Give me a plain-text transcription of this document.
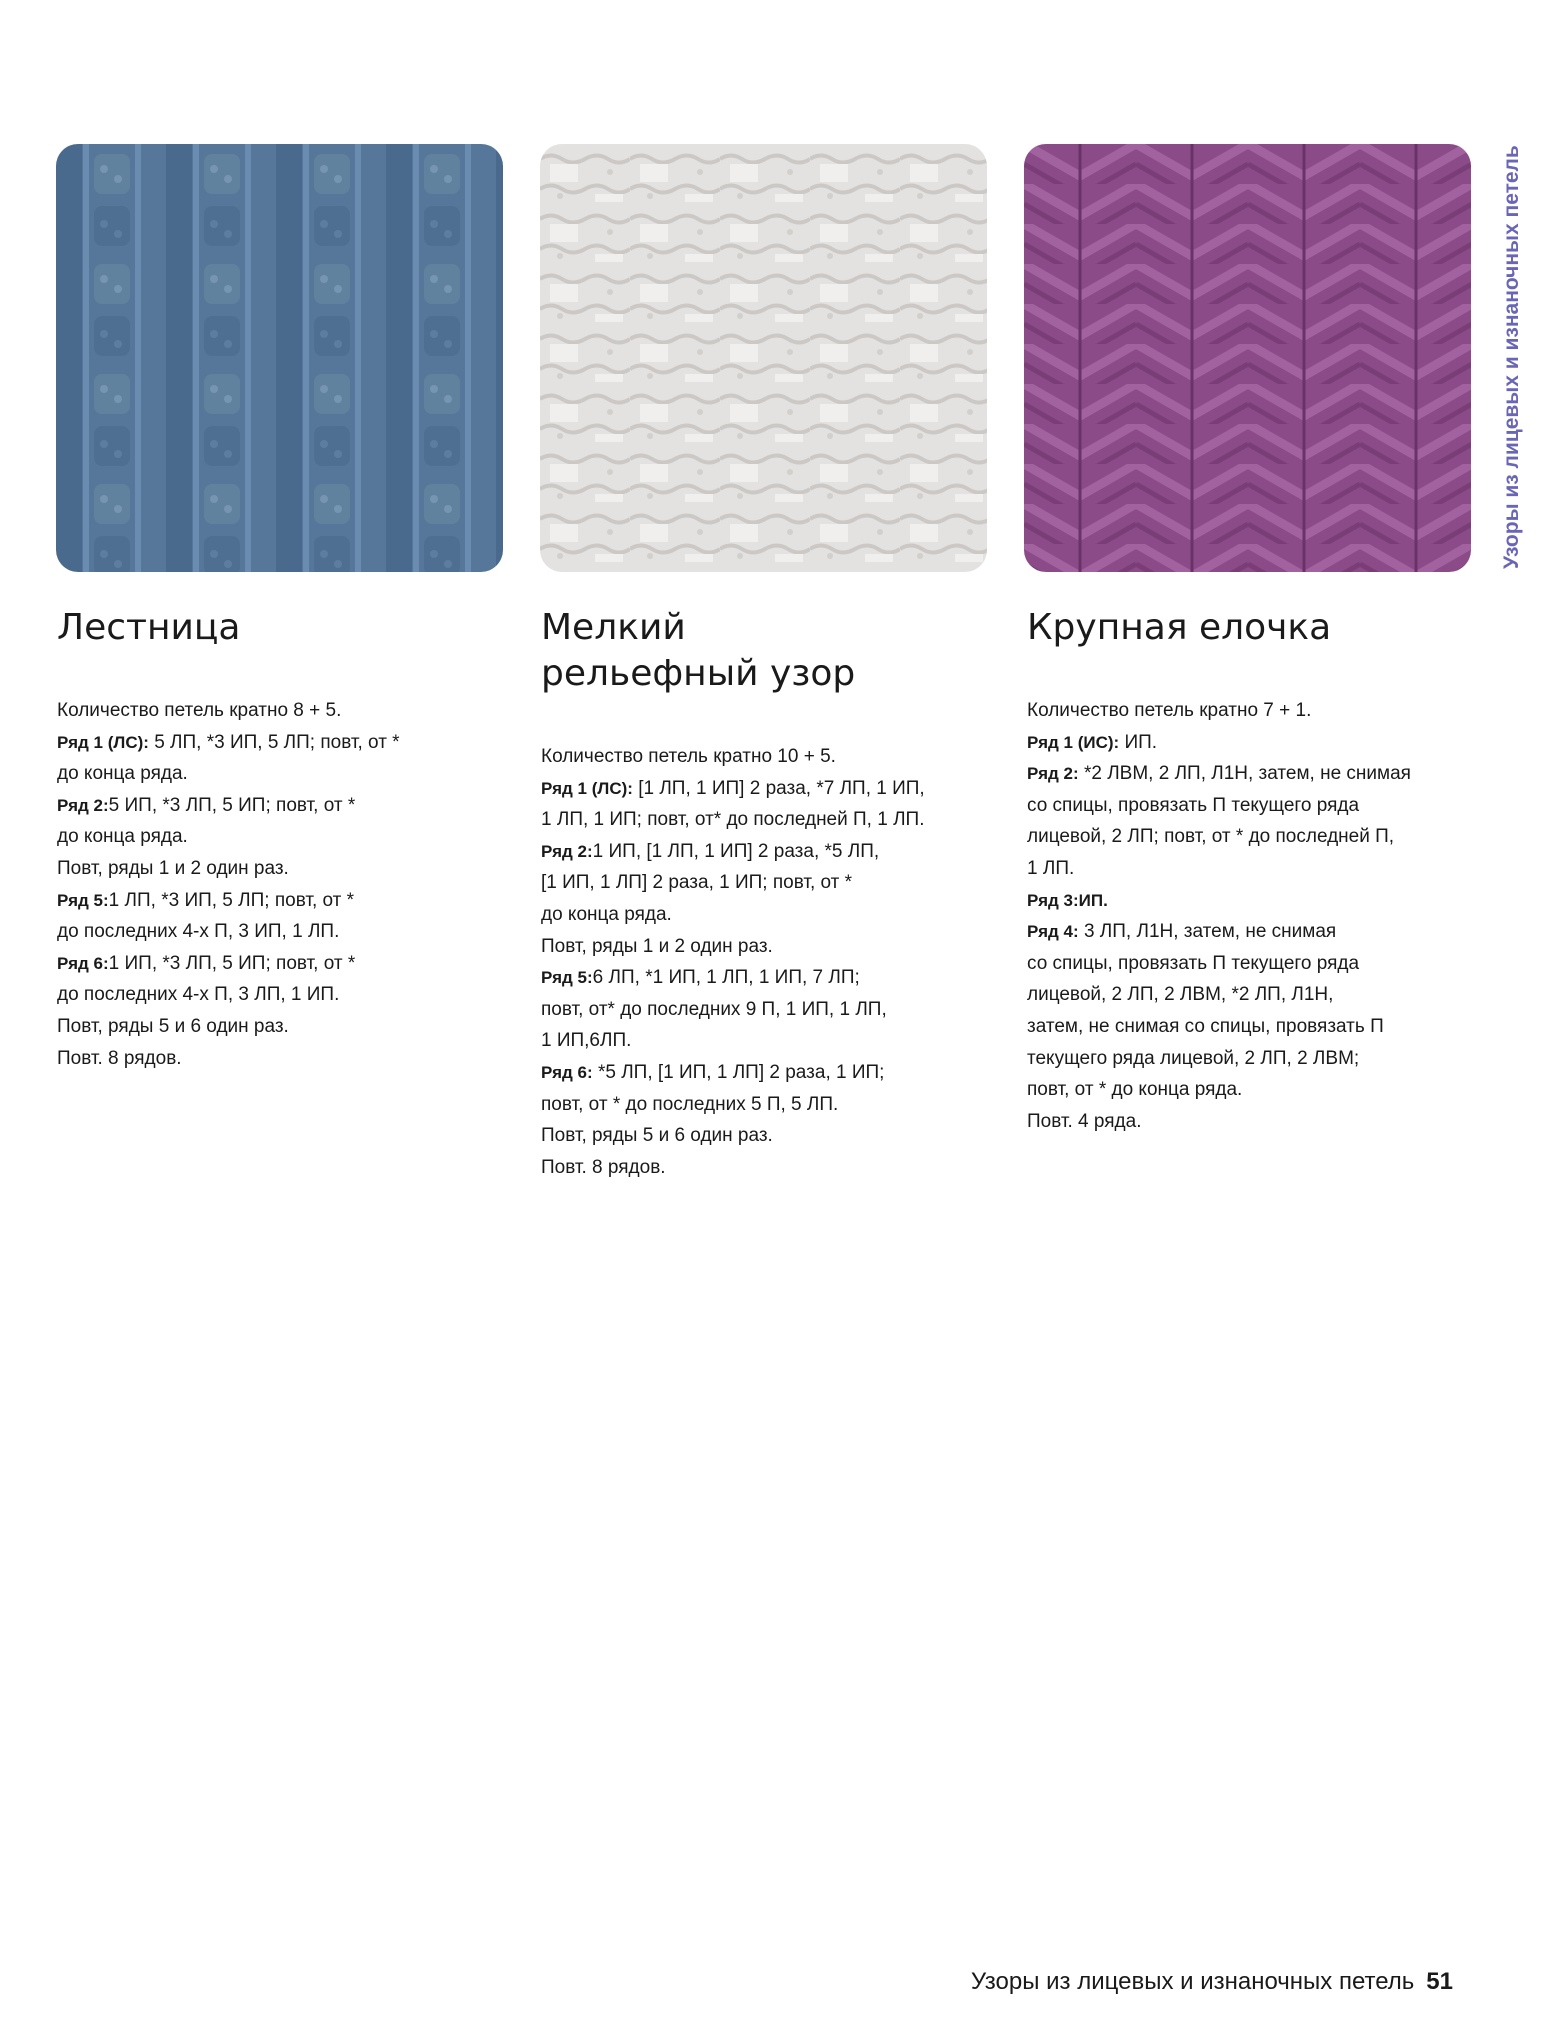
Узоры из лицевых и изнаночных петель
Лестница
Количество петель кратно 8 + 5.
Ряд 1 (ЛС): 5 ЛП, *3 ИП, 5 ЛП; повт, от *
до конца ряда.
Ряд 2:5 ИП, *3 ЛП, 5 ИП; повт, от *
до конца ряда.
Повт, ряды 1 и 2 один раз.
Ряд 5:1 ЛП, *3 ИП, 5 ЛП; повт, от *
до последних 4-х П, 3 ИП, 1 ЛП.
Ряд 6:1 ИП, *3 ЛП, 5 ИП; повт, от *
до последних 4-х П, 3 ЛП, 1 ИП.
Повт, ряды 5 и 6 один раз.
Повт. 8 рядов.
Мелкий
рельефный узор
Количество петель кратно 10 + 5.
Ряд 1 (ЛС): [1 ЛП, 1 ИП] 2 раза, *7 ЛП, 1 ИП,
1 ЛП, 1 ИП; повт, от* до последней П, 1 ЛП.
Ряд 2:1 ИП, [1 ЛП, 1 ИП] 2 раза, *5 ЛП,
[1 ИП, 1 ЛП] 2 раза, 1 ИП; повт, от *
до конца ряда.
Повт, ряды 1 и 2 один раз.
Ряд 5:6 ЛП, *1 ИП, 1 ЛП, 1 ИП, 7 ЛП;
повт, от* до последних 9 П, 1 ИП, 1 ЛП,
1 ИП,6ЛП.
Ряд 6: *5 ЛП, [1 ИП, 1 ЛП] 2 раза, 1 ИП;
повт, от * до последних 5 П, 5 ЛП.
Повт, ряды 5 и 6 один раз.
Повт. 8 рядов.
Крупная елочка
Количество петель кратно 7 + 1.
Ряд 1 (ИС): ИП.
Ряд 2: *2 ЛВМ, 2 ЛП, Л1Н, затем, не снимая
со спицы, провязать П текущего ряда
лицевой, 2 ЛП; повт, от * до последней П,
1 ЛП.
Ряд 3:ИП.
Ряд 4: 3 ЛП, Л1Н, затем, не снимая
со спицы, провязать П текущего ряда
лицевой, 2 ЛП, 2 ЛВМ, *2 ЛП, Л1Н,
затем, не снимая со спицы, провязать П
текущего ряда лицевой, 2 ЛП, 2 ЛВМ;
повт, от * до конца ряда.
Повт. 4 ряда.
Узоры из лицевых и изнаночных петель 51
